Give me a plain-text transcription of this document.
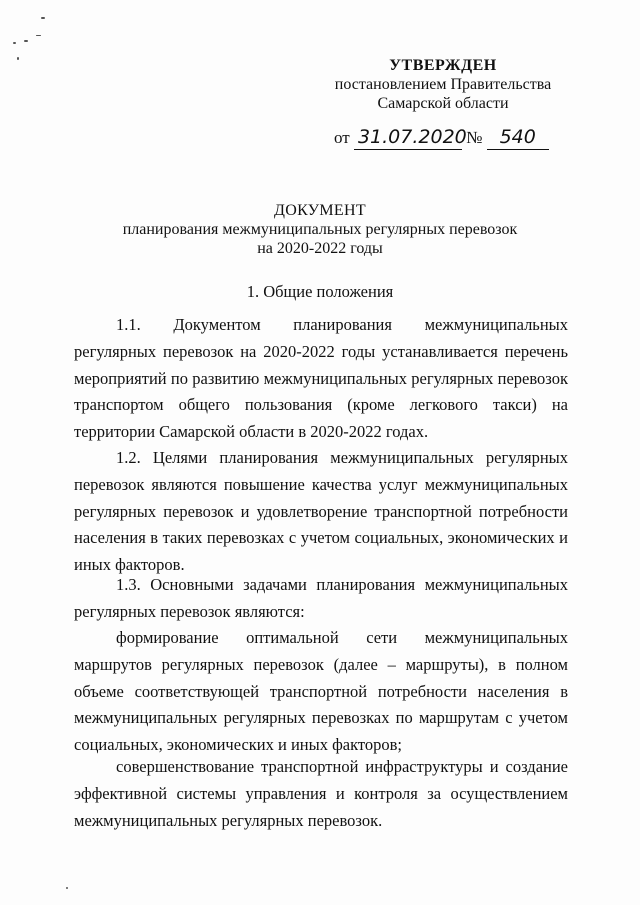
УТВЕРЖДЕН
постановлением Правительства
Самарской области
от 31.07.2020 № 540
ДОКУМЕНТ
планирования межмуниципальных регулярных перевозок
на 2020-2022 годы
1. Общие положения

1.1. Документом планирования межмуниципальных регулярных перевозок на 2020-2022 годы устанавливается перечень мероприятий по развитию межмуниципальных регулярных перевозок транспортом общего пользования (кроме легкового такси) на территории Самарской области в 2020-2022 годах.

1.2. Целями планирования межмуниципальных регулярных перевозок являются повышение качества услуг межмуниципальных регулярных перевозок и удовлетворение транспортной потребности населения в таких перевозках с учетом социальных, экономических и иных факторов.

1.3. Основными задачами планирования межмуниципальных регулярных перевозок являются:

формирование оптимальной сети межмуниципальных маршрутов регулярных перевозок (далее – маршруты), в полном объеме соответствующей транспортной потребности населения в межмуниципальных регулярных перевозках по маршрутам с учетом социальных, экономических и иных факторов;

совершенствование транспортной инфраструктуры и создание эффективной системы управления и контроля за осуществлением межмуниципальных регулярных перевозок.
